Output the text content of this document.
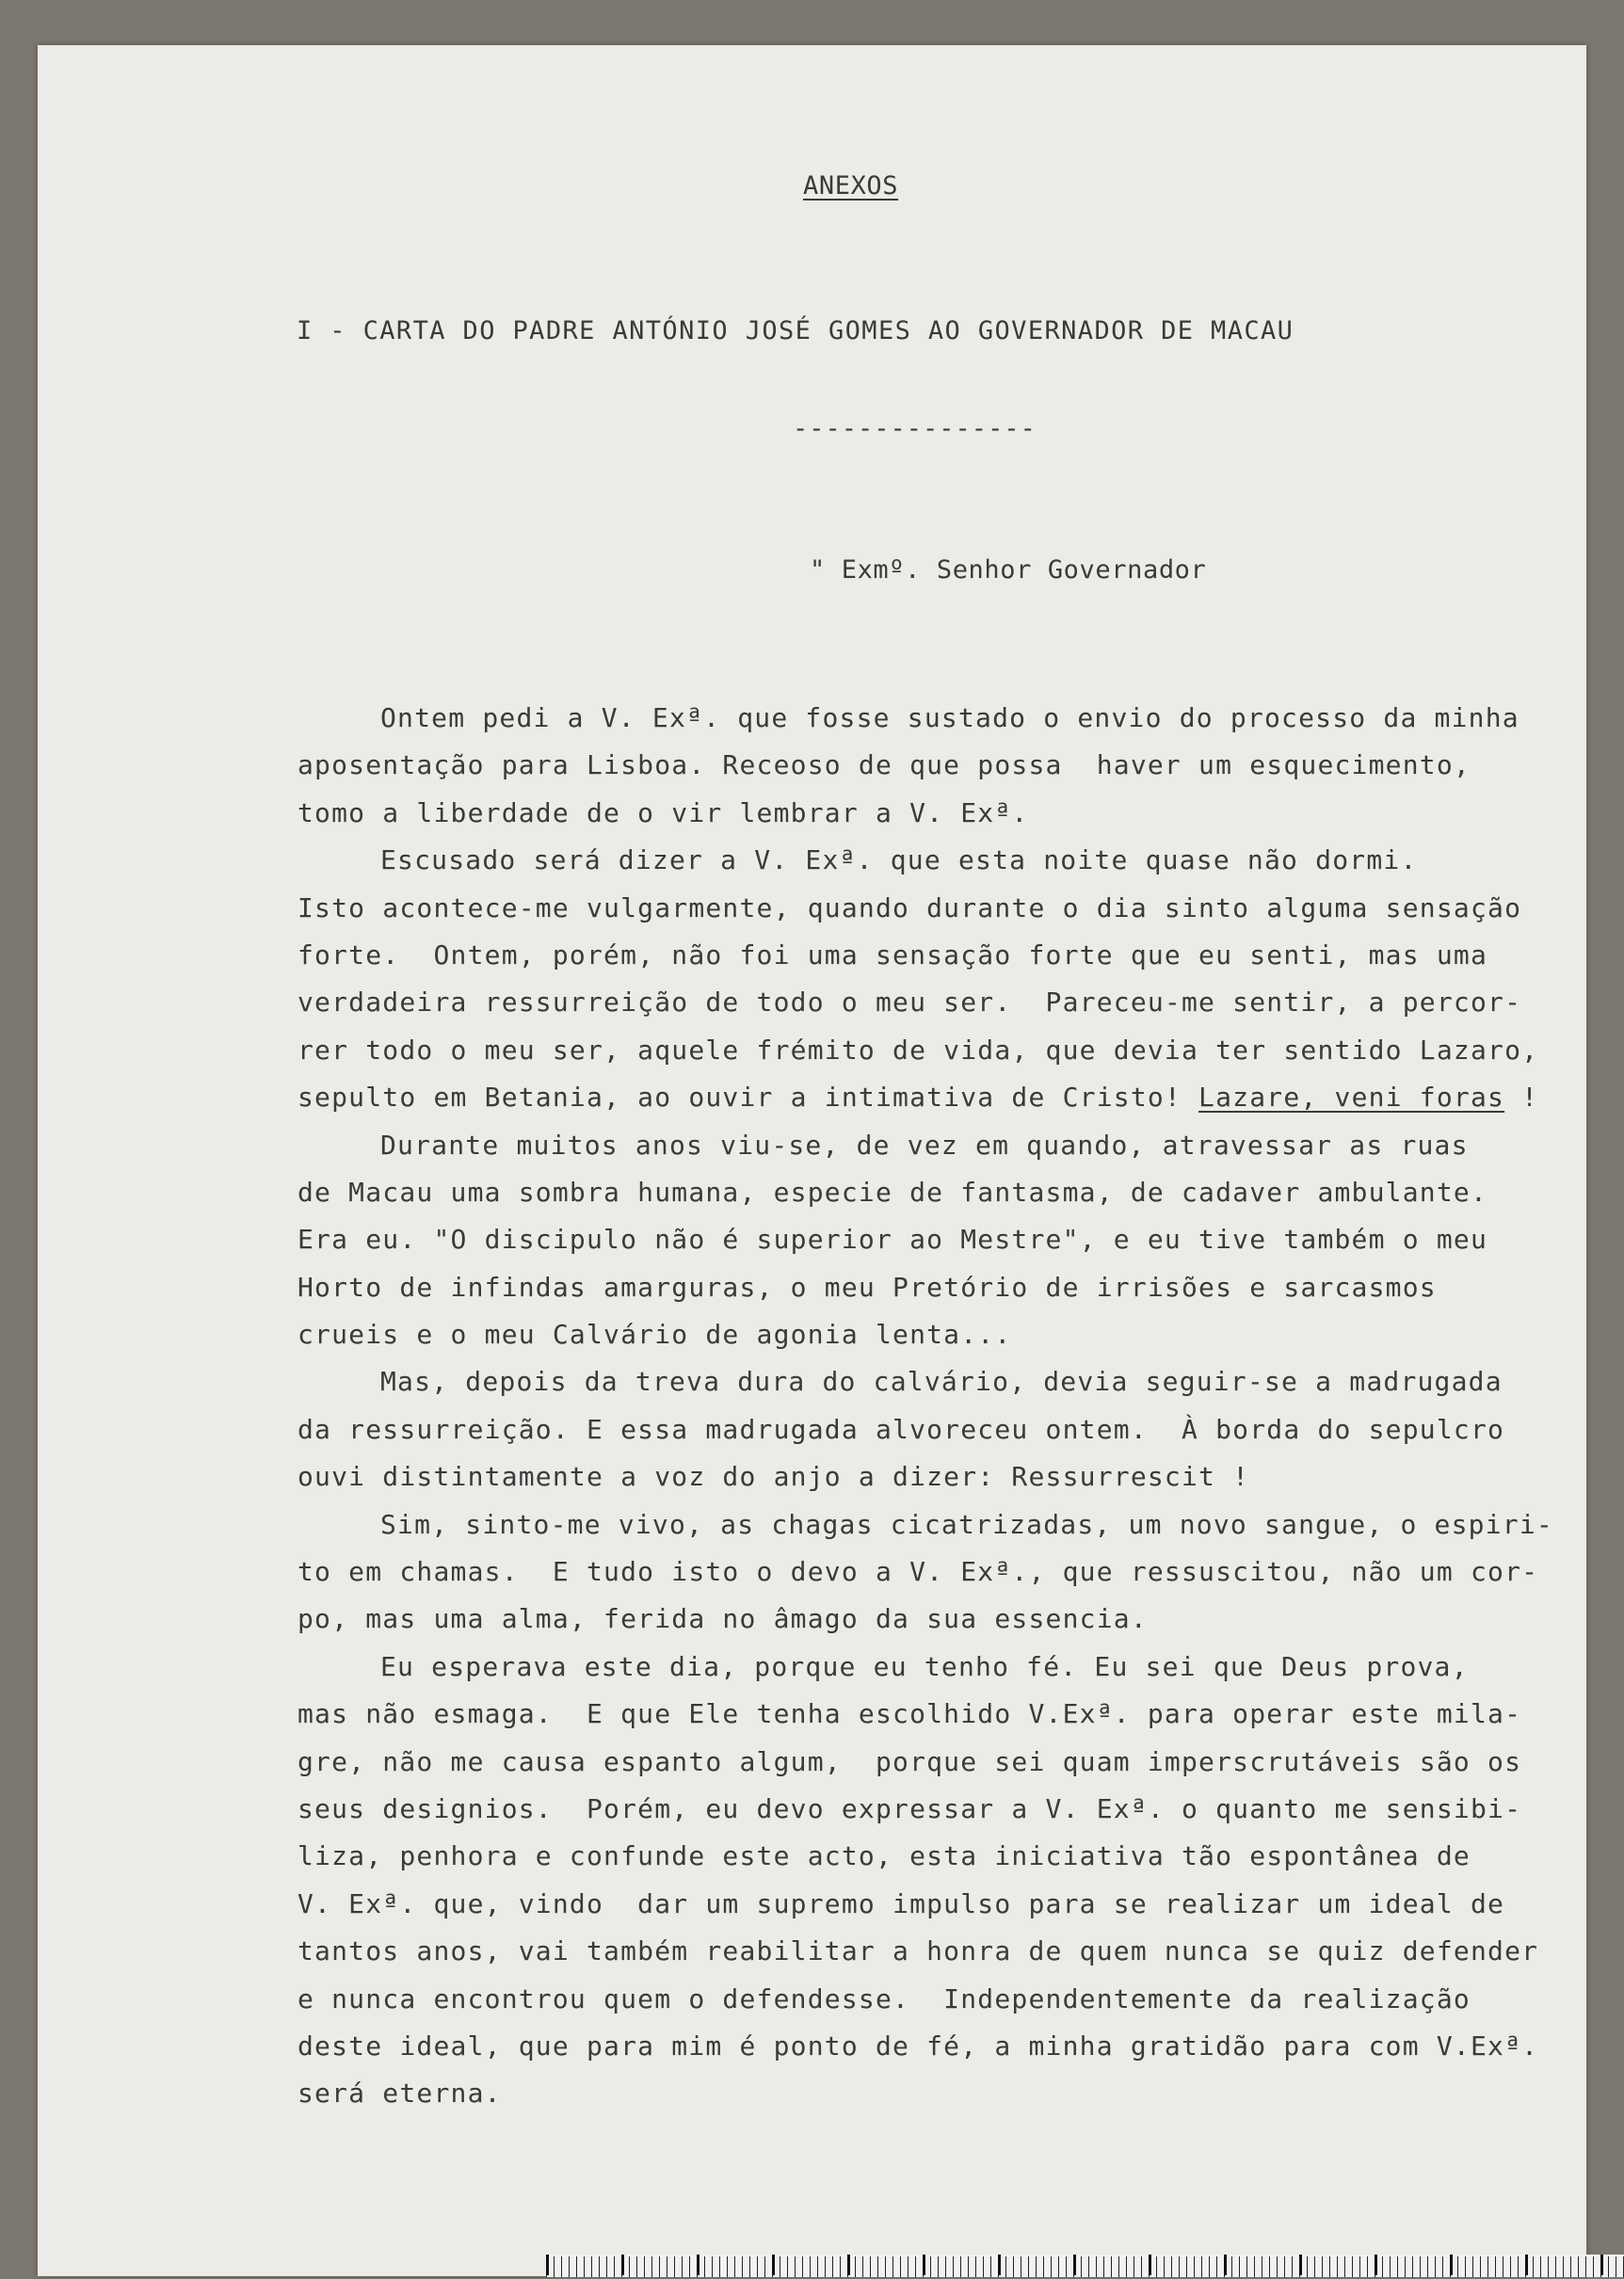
ANEXOS
I - CARTA DO PADRE ANTÓNIO JOSÉ GOMES AO GOVERNADOR DE MACAU
---------------
" Exmº. Senhor Governador
Ontem pedi a V. Exª. que fosse sustado o envio do processo da minha
aposentação para Lisboa. Receoso de que possa  haver um esquecimento,
tomo a liberdade de o vir lembrar a V. Exª.
Escusado será dizer a V. Exª. que esta noite quase não dormi.
Isto acontece-me vulgarmente, quando durante o dia sinto alguma sensação
forte.  Ontem, porém, não foi uma sensação forte que eu senti, mas uma
verdadeira ressurreição de todo o meu ser.  Pareceu-me sentir, a percor-
rer todo o meu ser, aquele frémito de vida, que devia ter sentido Lazaro,
sepulto em Betania, ao ouvir a intimativa de Cristo! Lazare, veni foras !
Durante muitos anos viu-se, de vez em quando, atravessar as ruas
de Macau uma sombra humana, especie de fantasma, de cadaver ambulante.
Era eu. "O discipulo não é superior ao Mestre", e eu tive também o meu
Horto de infindas amarguras, o meu Pretório de irrisões e sarcasmos
crueis e o meu Calvário de agonia lenta...
Mas, depois da treva dura do calvário, devia seguir-se a madrugada
da ressurreição. E essa madrugada alvoreceu ontem.  À borda do sepulcro
ouvi distintamente a voz do anjo a dizer: Ressurrescit !
Sim, sinto-me vivo, as chagas cicatrizadas, um novo sangue, o espiri-
to em chamas.  E tudo isto o devo a V. Exª., que ressuscitou, não um cor-
po, mas uma alma, ferida no âmago da sua essencia.
Eu esperava este dia, porque eu tenho fé. Eu sei que Deus prova,
mas não esmaga.  E que Ele tenha escolhido V.Exª. para operar este mila-
gre, não me causa espanto algum,  porque sei quam imperscrutáveis são os
seus designios.  Porém, eu devo expressar a V. Exª. o quanto me sensibi-
liza, penhora e confunde este acto, esta iniciativa tão espontânea de
V. Exª. que, vindo  dar um supremo impulso para se realizar um ideal de
tantos anos, vai também reabilitar a honra de quem nunca se quiz defender
e nunca encontrou quem o defendesse.  Independentemente da realização
deste ideal, que para mim é ponto de fé, a minha gratidão para com V.Exª.
será eterna.
